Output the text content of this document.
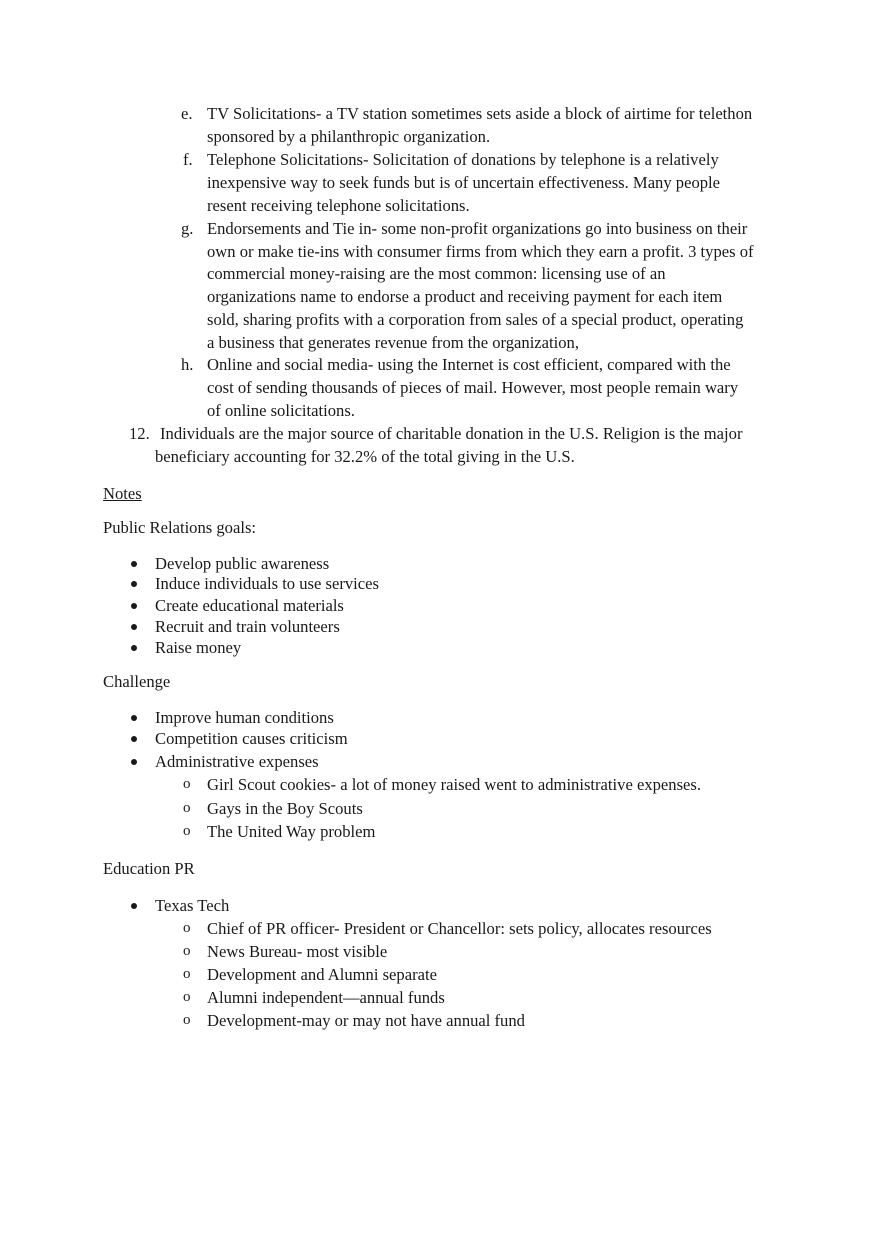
e. TV Solicitations- a TV station sometimes sets aside a block of airtime for telethon
sponsored by a philanthropic organization.
f. Telephone Solicitations- Solicitation of donations by telephone is a relatively
inexpensive way to seek funds but is of uncertain effectiveness. Many people
resent receiving telephone solicitations.
g. Endorsements and Tie in- some non-profit organizations go into business on their
own or make tie-ins with consumer firms from which they earn a profit. 3 types of
commercial money-raising are the most common: licensing use of an
organizations name to endorse a product and receiving payment for each item
sold, sharing profits with a corporation from sales of a special product, operating
a business that generates revenue from the organization,
h. Online and social media- using the Internet is cost efficient, compared with the
cost of sending thousands of pieces of mail. However, most people remain wary
of online solicitations.
12. Individuals are the major source of charitable donation in the U.S. Religion is the major
beneficiary accounting for 32.2% of the total giving in the U.S.
Notes
Public Relations goals:
Develop public awareness
Induce individuals to use services
Create educational materials
Recruit and train volunteers
Raise money
Challenge
Improve human conditions
Competition causes criticism
Administrative expenses
o Girl Scout cookies- a lot of money raised went to administrative expenses.
o Gays in the Boy Scouts
o The United Way problem
Education PR
Texas Tech
o Chief of PR officer- President or Chancellor: sets policy, allocates resources
o News Bureau- most visible
o Development and Alumni separate
o Alumni independent—annual funds
o Development-may or may not have annual fund
